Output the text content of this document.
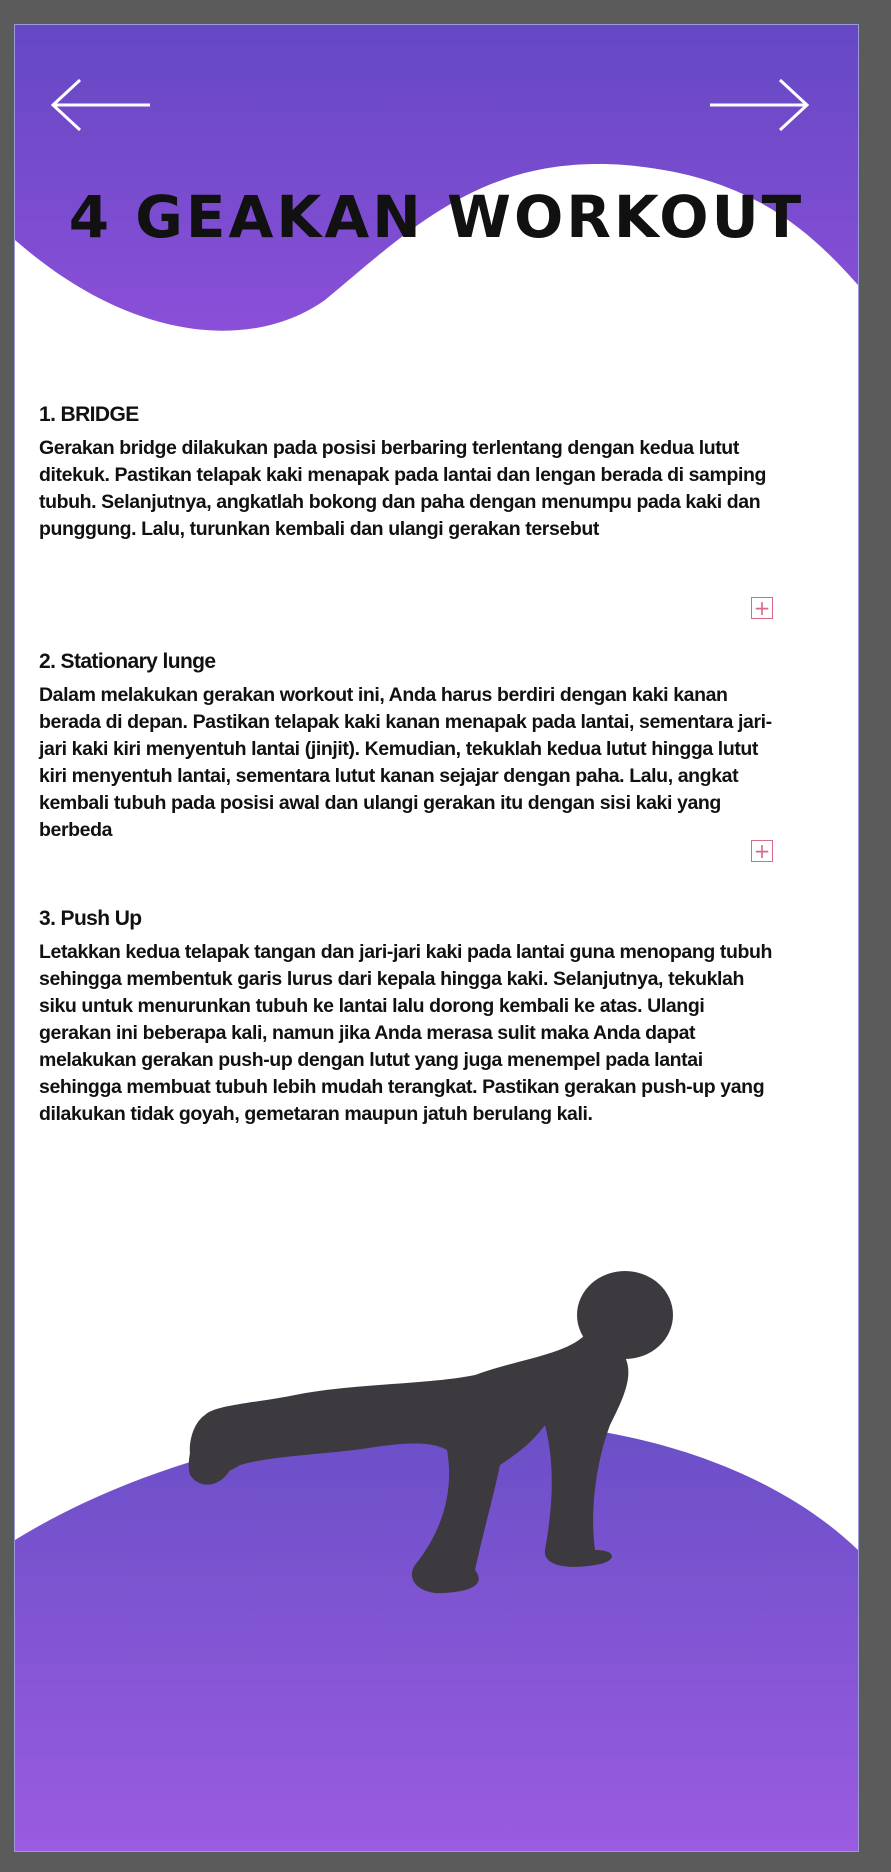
4 GEAKAN WORKOUT
1. BRIDGE

Gerakan bridge dilakukan pada posisi berbaring terlentang dengan kedua lutut ditekuk. Pastikan telapak kaki menapak pada lantai dan lengan berada di samping tubuh. Selanjutnya, angkatlah bokong dan paha dengan menumpu pada kaki dan punggung. Lalu, turunkan kembali dan ulangi gerakan tersebut

+
2. Stationary lunge

Dalam melakukan gerakan workout ini, Anda harus berdiri dengan kaki kanan berada di depan. Pastikan telapak kaki kanan menapak pada lantai, sementara jari-jari kaki kiri menyentuh lantai (jinjit). Kemudian, tekuklah kedua lutut hingga lutut kiri menyentuh lantai, sementara lutut kanan sejajar dengan paha. Lalu, angkat kembali tubuh pada posisi awal dan ulangi gerakan itu dengan sisi kaki yang berbeda

+
3. Push Up

Letakkan kedua telapak tangan dan jari-jari kaki pada lantai guna menopang tubuh sehingga membentuk garis lurus dari kepala hingga kaki. Selanjutnya, tekuklah siku untuk menurunkan tubuh ke lantai lalu dorong kembali ke atas. Ulangi gerakan ini beberapa kali, namun jika Anda merasa sulit maka Anda dapat melakukan gerakan push-up dengan lutut yang juga menempel pada lantai sehingga membuat tubuh lebih mudah terangkat. Pastikan gerakan push-up yang dilakukan tidak goyah, gemetaran maupun jatuh berulang kali.
